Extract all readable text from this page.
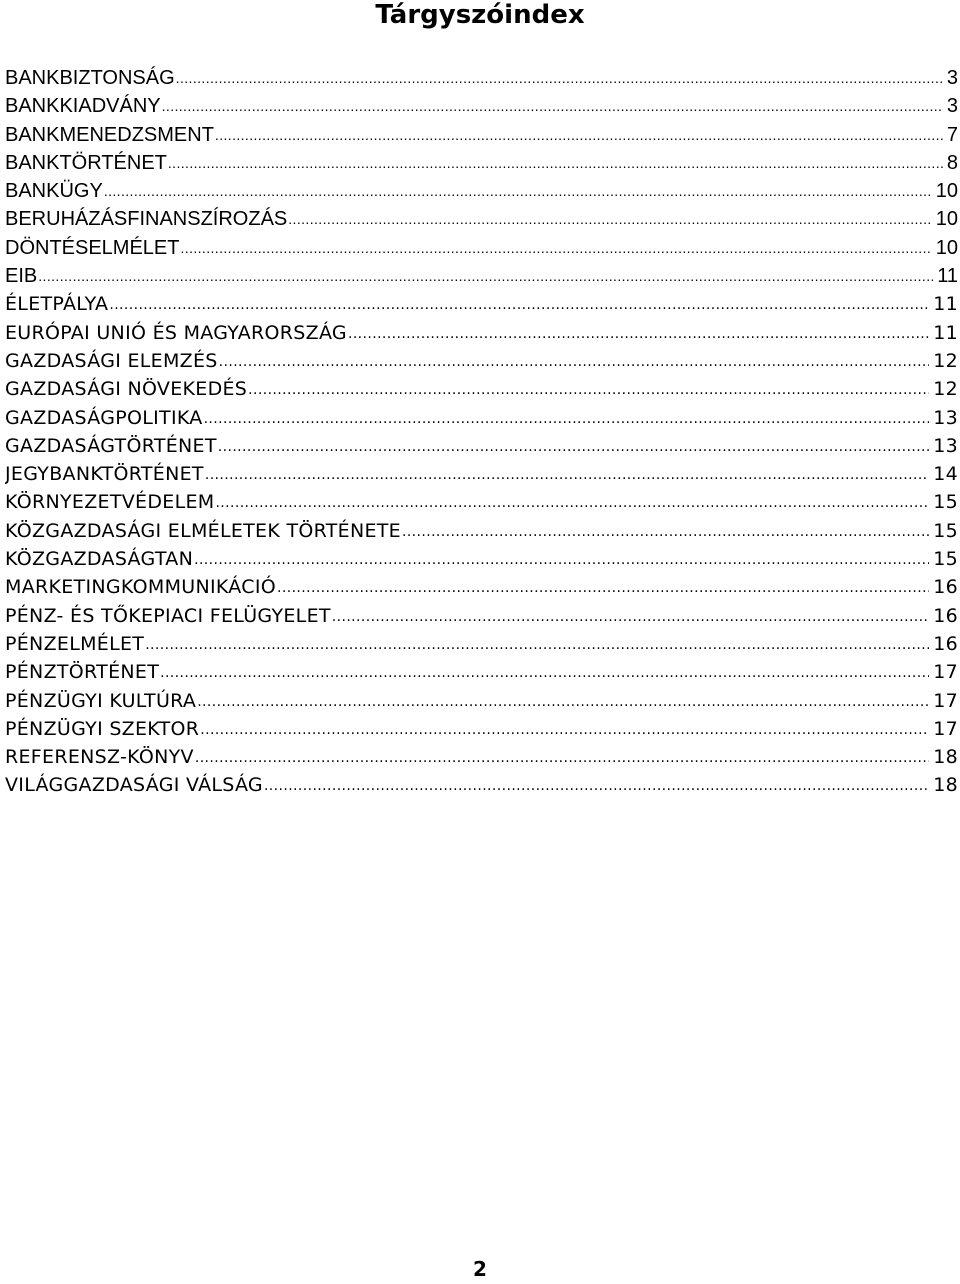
Tárgyszóindex
BANKBIZTONSÁG .....	3
BANKKIADVÁNY .....	3
BANKMENEDZSMENT .....	7
BANKTÖRTÉNET .....	8
BANKÜGY .....	10
BERUHÁZÁSFINANSZÍROZÁS .....	10
DÖNTÉSELMÉLET .....	10
EIB .....	11
ÉLETPÁLYA .....	11
EURÓPAI UNIÓ ÉS MAGYARORSZÁG .....	11
GAZDASÁGI ELEMZÉS .....	12
GAZDASÁGI NÖVEKEDÉS .....	12
GAZDASÁGPOLITIKA .....	13
GAZDASÁGTÖRTÉNET .....	13
JEGYBANKTÖRTÉNET .....	14
KÖRNYEZETVÉDELEM .....	15
KÖZGAZDASÁGI ELMÉLETEK TÖRTÉNETE .....	15
KÖZGAZDASÁGTAN .....	15
MARKETINGKOMMUNIKÁCIÓ .....	16
PÉNZ- ÉS TŐKEPIACI FELÜGYELET .....	16
PÉNZELMÉLET .....	16
PÉNZTÖRTÉNET .....	17
PÉNZÜGYI KULTÚRA .....	17
PÉNZÜGYI SZEKTOR .....	17
REFERENSZ-KÖNYV .....	18
VILÁGGAZDASÁGI VÁLSÁG .....	18
2
